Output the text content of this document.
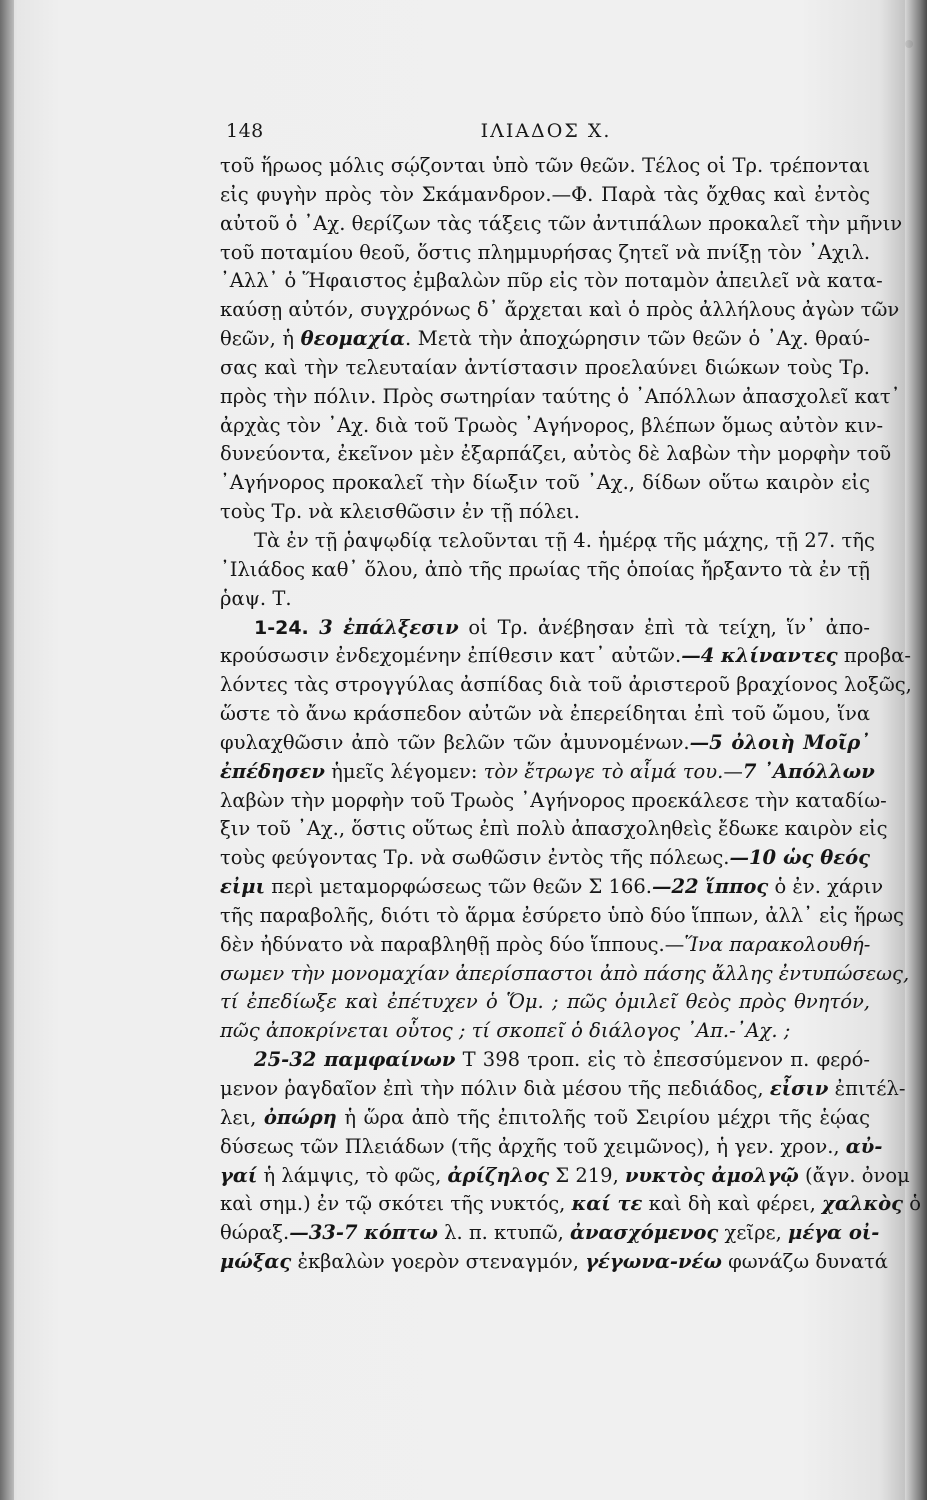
148	ΙΛΙΑΔΟΣ Χ.
τοῦ ἥρωος μόλις σῴζονται ὑπὸ τῶν θεῶν. Τέλος οἱ Τρ. τρέπονται
εἰς φυγὴν πρὸς τὸν Σκάμανδρον.—Φ. Παρὰ τὰς ὄχθας καὶ ἐντὸς
αὐτοῦ ὁ ᾿Αχ. θερίζων τὰς τάξεις τῶν ἀντιπάλων προκαλεῖ τὴν μῆνιν
τοῦ ποταμίου θεοῦ, ὅστις πλημμυρήσας ζητεῖ νὰ πνίξῃ τὸν ᾿Αχιλ.
᾿Αλλ᾿ ὁ Ἥφαιστος ἐμβαλὼν πῦρ εἰς τὸν ποταμὸν ἀπειλεῖ νὰ κατα-
καύσῃ αὐτόν, συγχρόνως δ᾿ ἄρχεται καὶ ὁ πρὸς ἀλλήλους ἀγὼν τῶν
θεῶν, ἡ θεομαχία. Μετὰ τὴν ἀποχώρησιν τῶν θεῶν ὁ ᾿Αχ. θραύ-
σας καὶ τὴν τελευταίαν ἀντίστασιν προελαύνει διώκων τοὺς Τρ.
πρὸς τὴν πόλιν. Πρὸς σωτηρίαν ταύτης ὁ ᾿Απόλλων ἀπασχολεῖ κατ᾿
ἀρχὰς τὸν ᾿Αχ. διὰ τοῦ Τρωὸς ᾿Αγήνορος, βλέπων ὅμως αὐτὸν κιν-
δυνεύοντα, ἐκεῖνον μὲν ἐξαρπάζει, αὐτὸς δὲ λαβὼν τὴν μορφὴν τοῦ
᾿Αγήνορος προκαλεῖ τὴν δίωξιν τοῦ ᾿Αχ., δίδων οὕτω καιρὸν εἰς
τοὺς Τρ. νὰ κλεισθῶσιν ἐν τῇ πόλει.
Τὰ ἐν τῇ ῥαψῳδίᾳ τελοῦνται τῇ 4. ἡμέρᾳ τῆς μάχης, τῇ 27. τῆς
᾿Ιλιάδος καθ᾿ ὅλου, ἀπὸ τῆς πρωίας τῆς ὁποίας ἤρξαντο τὰ ἐν τῇ
ῥαψ. Τ.
1-24. 3 ἐπάλξεσιν οἱ Τρ. ἀνέβησαν ἐπὶ τὰ τείχη, ἵν᾿ ἀπο-
κρούσωσιν ἐνδεχομένην ἐπίθεσιν κατ᾿ αὐτῶν.—4 κλίναντες προβα-
λόντες τὰς στρογγύλας ἀσπίδας διὰ τοῦ ἀριστεροῦ βραχίονος λοξῶς,
ὥστε τὸ ἄνω κράσπεδον αὐτῶν νὰ ἐπερείδηται ἐπὶ τοῦ ὤμου, ἵνα
φυλαχθῶσιν ἀπὸ τῶν βελῶν τῶν ἀμυνομένων.—5 ὀλοιὴ Μοῖρ᾿
ἐπέδησεν ἡμεῖς λέγομεν: τὸν ἔτρωγε τὸ αἷμά του.—7 ᾿Απόλλων
λαβὼν τὴν μορφὴν τοῦ Τρωὸς ᾿Αγήνορος προεκάλεσε τὴν καταδίω-
ξιν τοῦ ᾿Αχ., ὅστις οὕτως ἐπὶ πολὺ ἀπασχοληθεὶς ἔδωκε καιρὸν εἰς
τοὺς φεύγοντας Τρ. νὰ σωθῶσιν ἐντὸς τῆς πόλεως.—10 ὡς θεός
εἰμι περὶ μεταμορφώσεως τῶν θεῶν Σ 166.—22 ἵππος ὁ ἐν. χάριν
τῆς παραβολῆς, διότι τὸ ἅρμα ἐσύρετο ὑπὸ δύο ἵππων, ἀλλ᾿ εἰς ἥρως
δὲν ἠδύνατο νὰ παραβληθῇ πρὸς δύο ἵππους.—Ἵνα παρακολουθή-
σωμεν τὴν μονομαχίαν ἀπερίσπαστοι ἀπὸ πάσης ἄλλης ἐντυπώσεως,
τί ἐπεδίωξε καὶ ἐπέτυχεν ὁ Ὅμ. ; πῶς ὁμιλεῖ θεὸς πρὸς θνητόν,
πῶς ἀποκρίνεται οὗτος ; τί σκοπεῖ ὁ διάλογος ᾿Απ.-᾿Αχ. ;
25-32 παμφαίνων Τ 398 τροπ. εἰς τὸ ἐπεσσύμενον π. φερό-
μενον ῥαγδαῖον ἐπὶ τὴν πόλιν διὰ μέσου τῆς πεδιάδος, εἶσιν ἐπιτέλ-
λει, ὀπώρη ἡ ὥρα ἀπὸ τῆς ἐπιτολῆς τοῦ Σειρίου μέχρι τῆς ἑῴας
δύσεως τῶν Πλειάδων (τῆς ἀρχῆς τοῦ χειμῶνος), ἡ γεν. χρον., αὐ-
γαί ἡ λάμψις, τὸ φῶς, ἀρίζηλος Σ 219, νυκτὸς ἀμολγῷ (ἄγν. ὀνομ
καὶ σημ.) ἐν τῷ σκότει τῆς νυκτός, καί τε καὶ δὴ καὶ φέρει, χαλκὸς ὁ
θώραξ.—33-7 κόπτω λ. π. κτυπῶ, ἀνασχόμενος χεῖρε, μέγα οἰ-
μώξας ἐκβαλὼν γοερὸν στεναγμόν, γέγωνα-νέω φωνάζω δυνατά
